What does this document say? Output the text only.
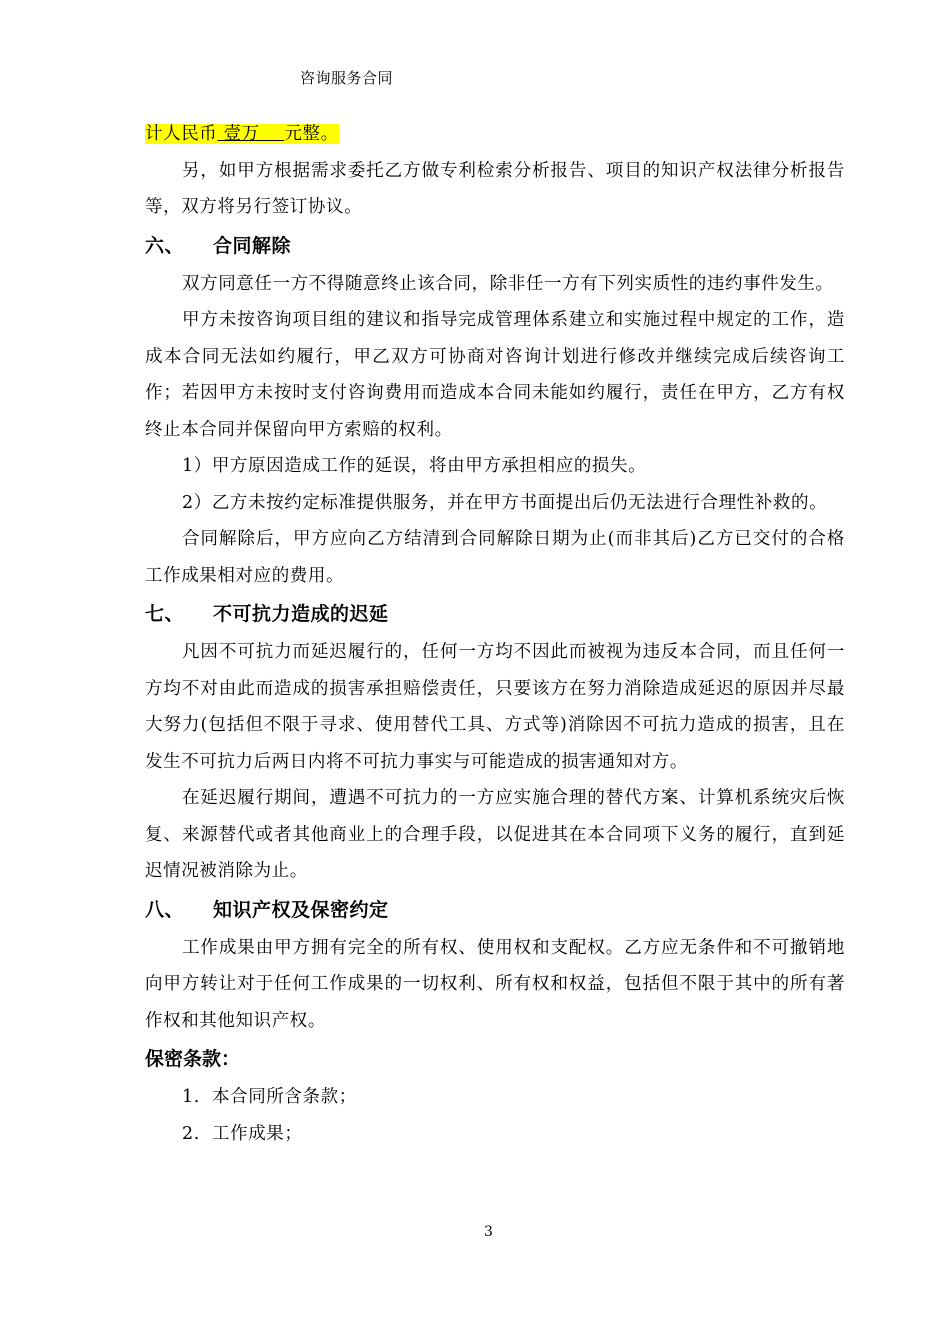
咨询服务合同

计人民币 壹万 元整。

另，如甲方根据需求委托乙方做专利检索分析报告、项目的知识产权法律分析报告等，双方将另行签订协议。

六、 合同解除

双方同意任一方不得随意终止该合同，除非任一方有下列实质性的违约事件发生。

甲方未按咨询项目组的建议和指导完成管理体系建立和实施过程中规定的工作，造成本合同无法如约履行，甲乙双方可协商对咨询计划进行修改并继续完成后续咨询工作；若因甲方未按时支付咨询费用而造成本合同未能如约履行，责任在甲方，乙方有权终止本合同并保留向甲方索赔的权利。

1）甲方原因造成工作的延误，将由甲方承担相应的损失。

2）乙方未按约定标准提供服务，并在甲方书面提出后仍无法进行合理性补救的。

合同解除后，甲方应向乙方结清到合同解除日期为止(而非其后)乙方已交付的合格工作成果相对应的费用。

七、 不可抗力造成的迟延

凡因不可抗力而延迟履行的，任何一方均不因此而被视为违反本合同，而且任何一方均不对由此而造成的损害承担赔偿责任，只要该方在努力消除造成延迟的原因并尽最大努力(包括但不限于寻求、使用替代工具、方式等)消除因不可抗力造成的损害，且在发生不可抗力后两日内将不可抗力事实与可能造成的损害通知对方。

在延迟履行期间，遭遇不可抗力的一方应实施合理的替代方案、计算机系统灾后恢复、来源替代或者其他商业上的合理手段，以促进其在本合同项下义务的履行，直到延迟情况被消除为止。

八、 知识产权及保密约定

工作成果由甲方拥有完全的所有权、使用权和支配权。乙方应无条件和不可撤销地向甲方转让对于任何工作成果的一切权利、所有权和权益，包括但不限于其中的所有著作权和其他知识产权。

保密条款：

1. 本合同所含条款；

2. 工作成果；

3
